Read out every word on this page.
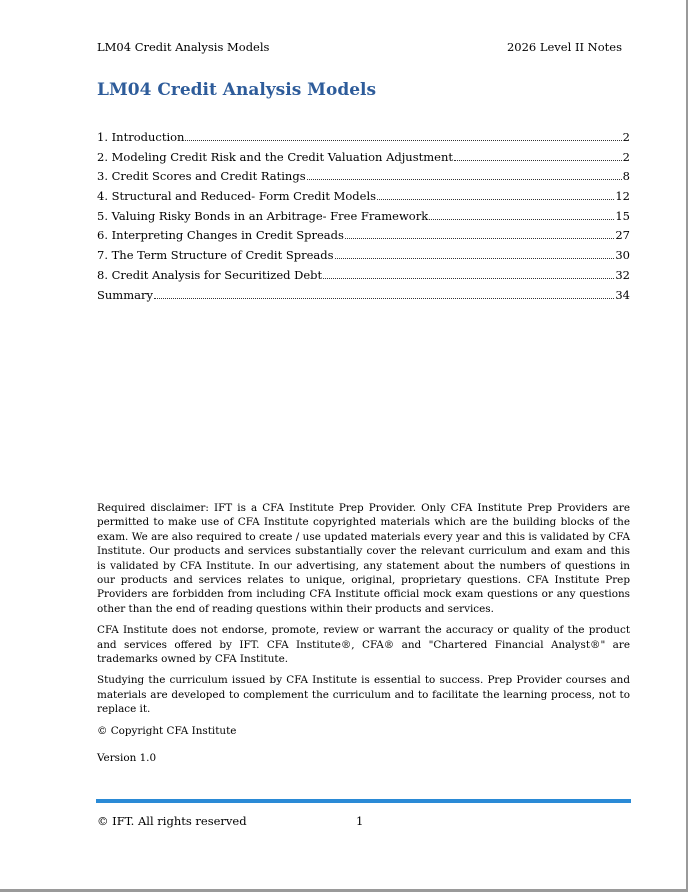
LM04 Credit Analysis Models	2026 Level II Notes
LM04 Credit Analysis Models
1. Introduction	2
2. Modeling Credit Risk and the Credit Valuation Adjustment	2
3. Credit Scores and Credit Ratings	8
4. Structural and Reduced- Form Credit Models	12
5. Valuing Risky Bonds in an Arbitrage- Free Framework	15
6. Interpreting Changes in Credit Spreads	27
7. The Term Structure of Credit Spreads	30
8. Credit Analysis for Securitized Debt	32
Summary	34

Required disclaimer: IFT is a CFA Institute Prep Provider. Only CFA Institute Prep Providers are permitted to make use of CFA Institute copyrighted materials which are the building blocks of the exam. We are also required to create / use updated materials every year and this is validated by CFA Institute. Our products and services substantially cover the relevant curriculum and exam and this is validated by CFA Institute. In our advertising, any statement about the numbers of questions in our products and services relates to unique, original, proprietary questions. CFA Institute Prep Providers are forbidden from including CFA Institute official mock exam questions or any questions other than the end of reading questions within their products and services.

CFA Institute does not endorse, promote, review or warrant the accuracy or quality of the product and services offered by IFT. CFA Institute®, CFA® and "Chartered Financial Analyst®" are trademarks owned by CFA Institute.

Studying the curriculum issued by CFA Institute is essential to success. Prep Provider courses and materials are developed to complement the curriculum and to facilitate the learning process, not to replace it.

© Copyright CFA Institute

Version 1.0
© IFT. All rights reserved	1
